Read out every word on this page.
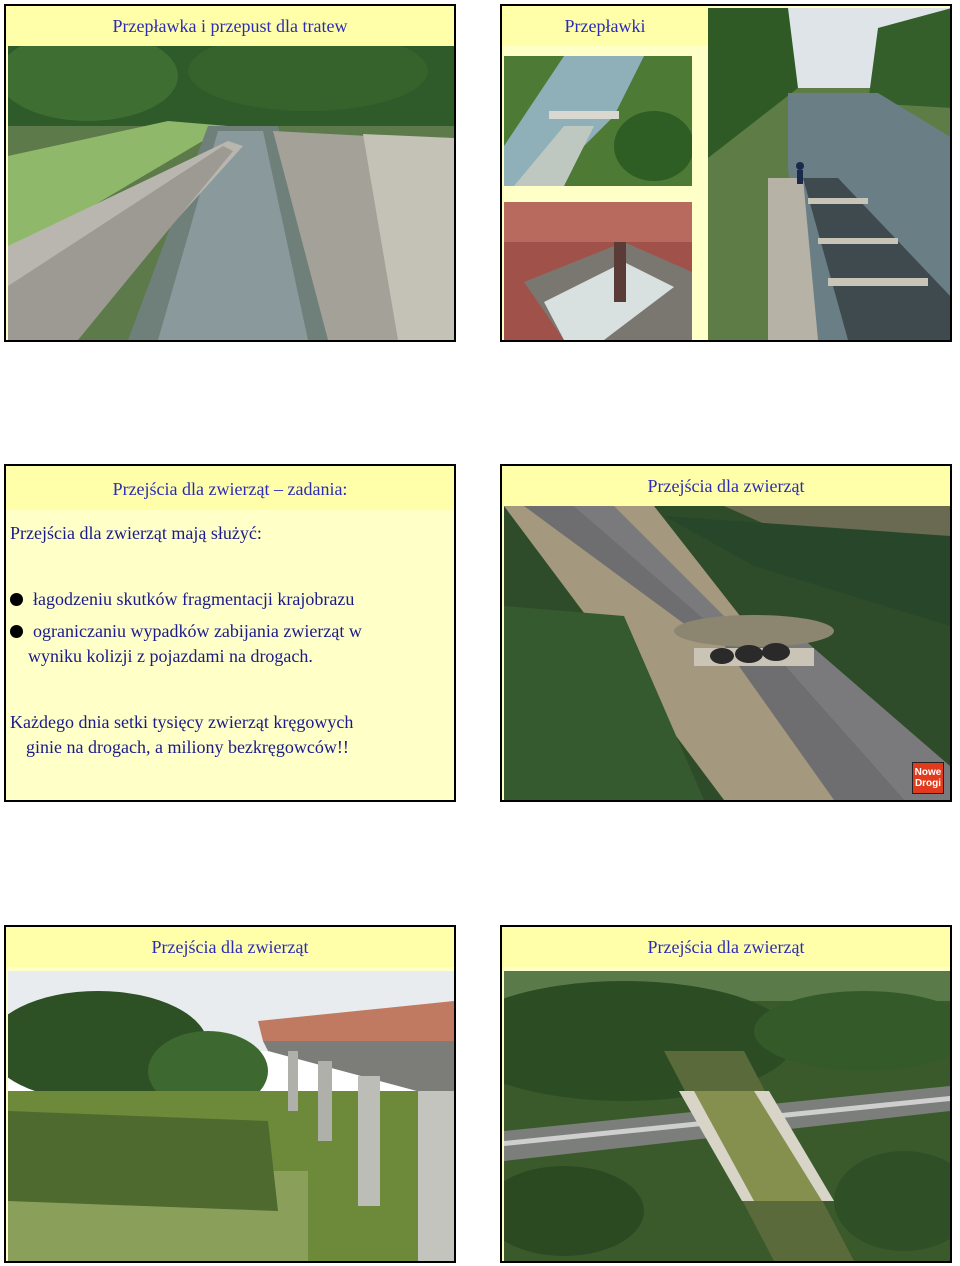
Przepławka i przepust dla tratew	Przepławki
Przejścia dla zwierząt – zadania:
Przejścia dla zwierząt mają służyć:
łagodzeniu skutków fragmentacji krajobrazu
ograniczaniu wypadków zabijania zwierząt w
wyniku kolizji z pojazdami na drogach.
Każdego dnia setki tysięcy zwierząt kręgowych
ginie na drogach, a miliony bezkręgowców!!
Przejścia dla zwierząt
Nowe Drogi
Przejścia dla zwierząt	Przejścia dla zwierząt
